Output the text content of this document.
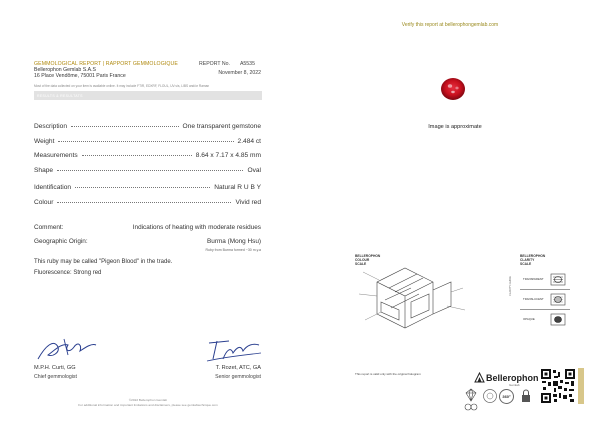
Verify this report at bellerophongemlab.com
GEMMOLOGICAL REPORT | RAPPORT GEMMOLOGIQUE
Bellerophon Gemlab S.A.S
16 Place Vendôme, 75001 Paris France
REPORT No. A5535
November 8, 2022
Most of the data collected on your item is available online. It may include FTIR, EDXRF, FLOUL, UV-vis, LIBS and/or Raman
RESULTS & RESULTATS
Description	One transparent gemstone
Weight	2.484 ct
Measurements	8.64 x 7.17 x 4.85 mm
Shape	Oval
Identification	Natural R U B Y
Colour	Vivid red
Comment:	Indications of heating with moderate residues
Geographic Origin:	Burma (Mong Hsu)
Ruby from Burma formed ~30 m.y.a
This ruby may be called "Pigeon Blood" in the trade.
Fluorescence: Strong red
M.P.H. Curti, GG
Chief gemmologist
T. Rozet, ATC, GA
Senior gemmologist
©2022 Bellerophon Gemlab
For additional information and important limitations and disclaimers, please see gemlabtechnique.com
Image is approximate
BELLEROPHON
COLOUR
SCALE
BELLEROPHON
CLARITY
SCALE
CLARITY GUIDE	TRANSPARENT
TRANSLUCENT
OPAQUE
This report is valid only with the original hologram	Bellerophon
Gemlab
360°
